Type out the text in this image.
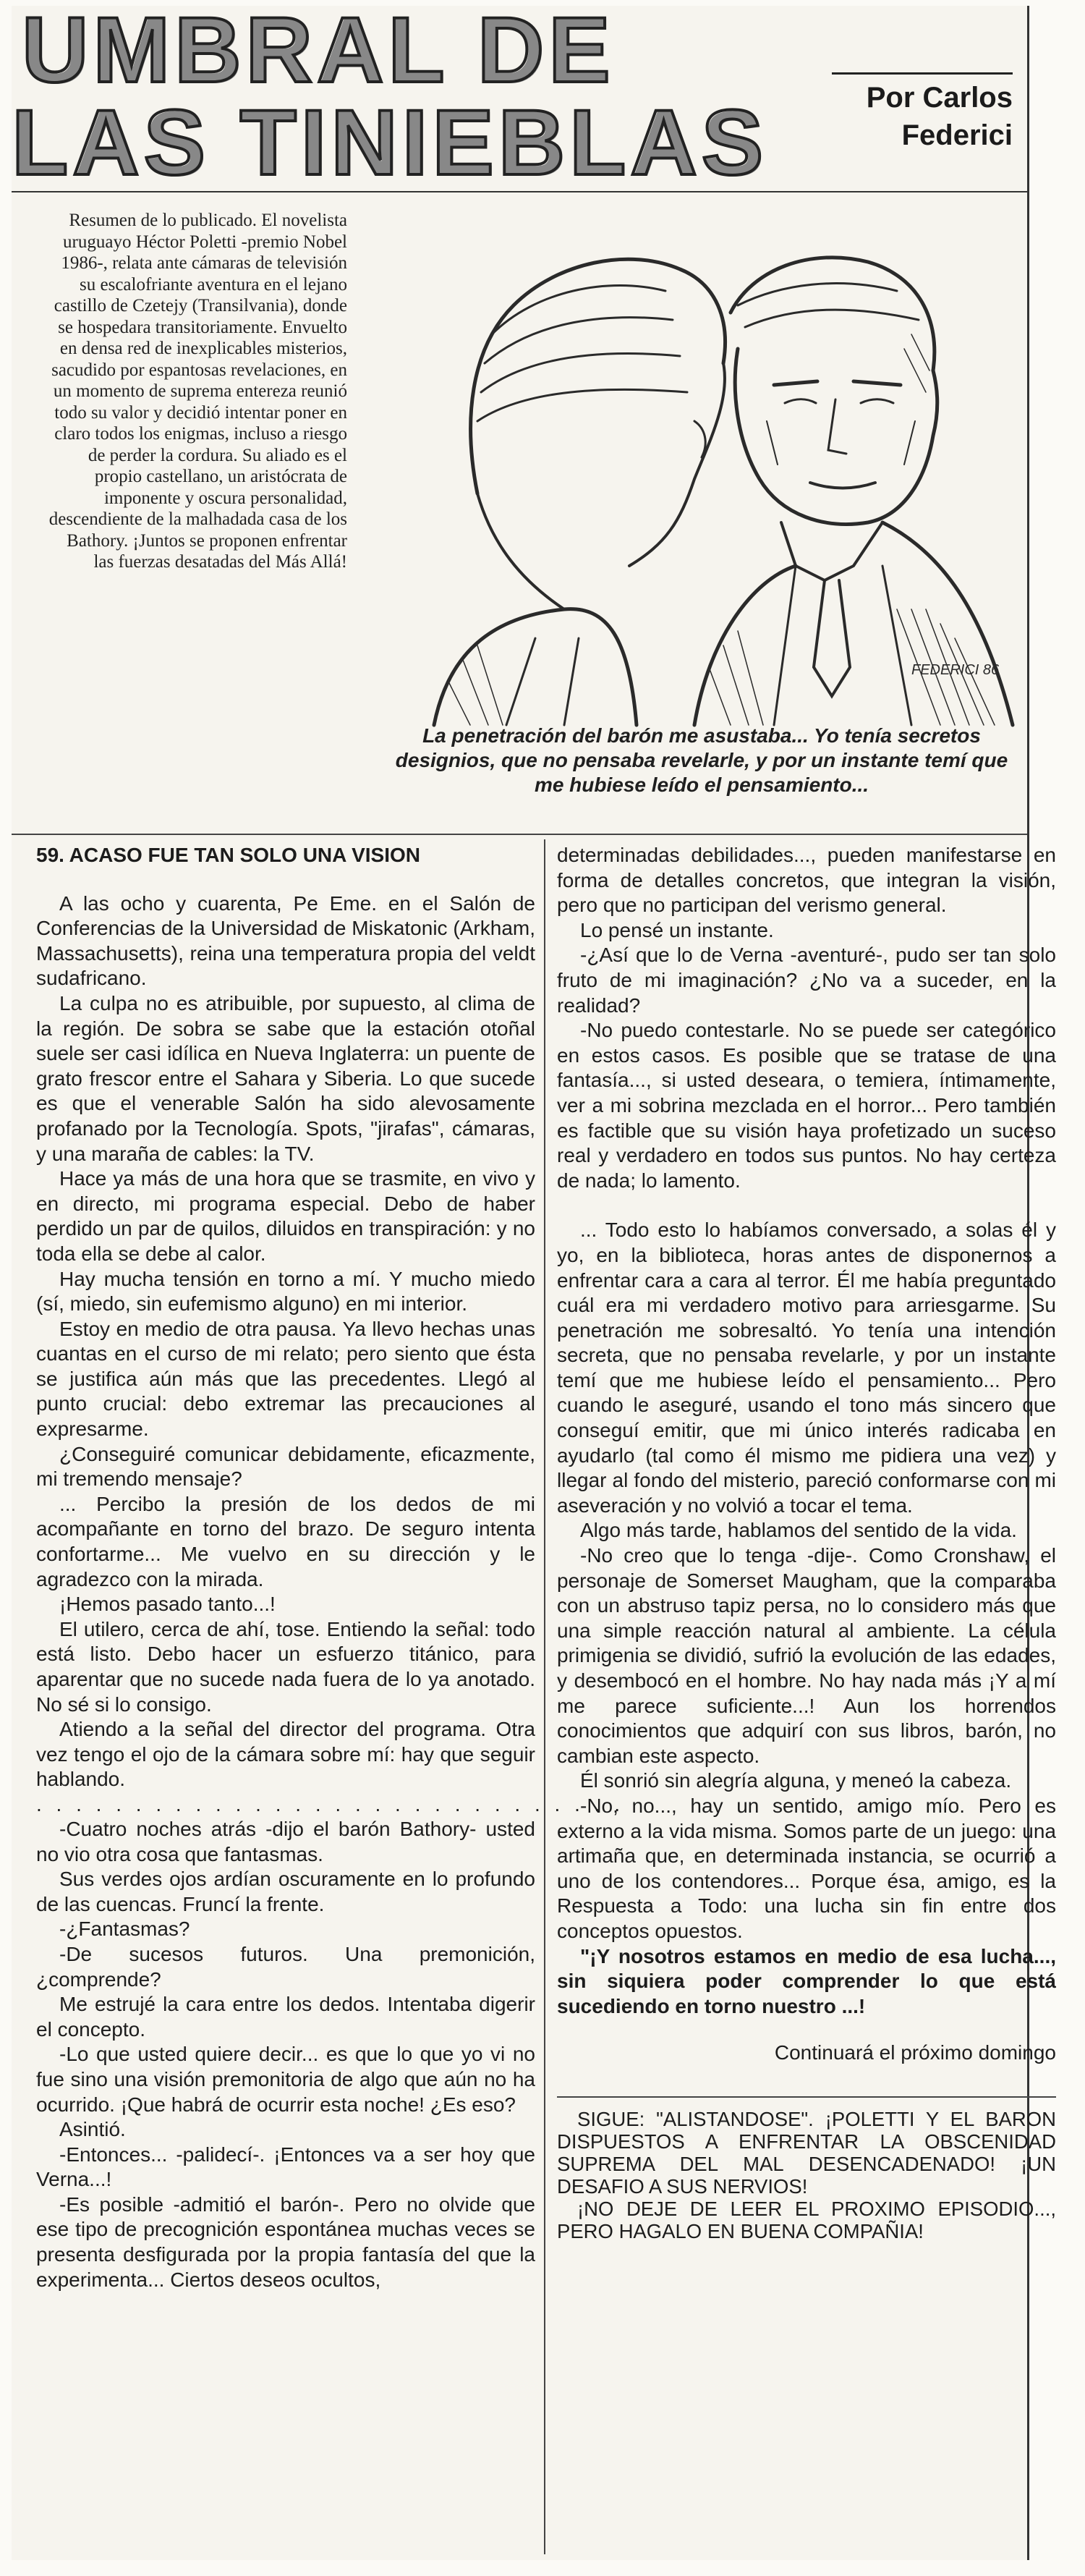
UMBRAL DE
LAS TINIEBLAS	Por Carlos
Federici
Resumen de lo publicado. El novelista uruguayo Héctor Poletti -premio Nobel 1986-, relata ante cámaras de televisión su escalofriante aventura en el lejano castillo de Czetejy (Transilvania), donde se hospedara transitoriamente. Envuelto en densa red de inexplicables misterios, sacudido por espantosas revelaciones, en un momento de suprema entereza reunió todo su valor y decidió intentar poner en claro todos los enigmas, incluso a riesgo de perder la cordura. Su aliado es el propio castellano, un aristócrata de imponente y oscura personalidad, descendiente de la malhadada casa de los Bathory. ¡Juntos se proponen enfrentar las fuerzas desatadas del Más Allá!
FEDERICI 86
La penetración del barón me asustaba... Yo tenía secretos designios, que no pensaba revelarle, y por un instante temí que me hubiese leído el pensamiento...

59. ACASO FUE TAN SOLO UNA VISION

A las ocho y cuarenta, Pe Eme. en el Salón de Conferencias de la Universidad de Miskatonic (Arkham, Massachusetts), reina una temperatura propia del veldt sudafricano.

La culpa no es atribuible, por supuesto, al clima de la región. De sobra se sabe que la estación otoñal suele ser casi idílica en Nueva Inglaterra: un puente de grato frescor entre el Sahara y Siberia. Lo que sucede es que el venerable Salón ha sido alevosamente profanado por la Tecnología. Spots, "jirafas", cámaras, y una maraña de cables: la TV.

Hace ya más de una hora que se trasmite, en vivo y en directo, mi programa especial. Debo de haber perdido un par de quilos, diluidos en transpiración: y no toda ella se debe al calor.

Hay mucha tensión en torno a mí. Y mucho miedo (sí, miedo, sin eufemismo alguno) en mi interior.

Estoy en medio de otra pausa. Ya llevo hechas unas cuantas en el curso de mi relato; pero siento que ésta se justifica aún más que las precedentes. Llegó al punto crucial: debo extremar las precauciones al expresarme.

¿Conseguiré comunicar debidamente, eficazmente, mi tremendo mensaje?

... Percibo la presión de los dedos de mi acompañante en torno del brazo. De seguro intenta confortarme... Me vuelvo en su dirección y le agradezco con la mirada.

¡Hemos pasado tanto...!

El utilero, cerca de ahí, tose. Entiendo la señal: todo está listo. Debo hacer un esfuerzo titánico, para aparentar que no sucede nada fuera de lo ya anotado. No sé si lo consigo.

Atiendo a la señal del director del programa. Otra vez tengo el ojo de la cámara sobre mí: hay que seguir hablando.

. . . . . . . . . . . . . . . . . . . . . . . . . . . . . .

-Cuatro noches atrás -dijo el barón Bathory- usted no vio otra cosa que fantasmas.

Sus verdes ojos ardían oscuramente en lo profundo de las cuencas. Fruncí la frente.

-¿Fantasmas?

-De sucesos futuros. Una premonición, ¿comprende?

Me estrujé la cara entre los dedos. Intentaba digerir el concepto.

-Lo que usted quiere decir... es que lo que yo vi no fue sino una visión premonitoria de algo que aún no ha ocurrido. ¡Que habrá de ocurrir esta noche! ¿Es eso?

Asintió.

-Entonces... -palidecí-. ¡Entonces va a ser hoy que Verna...!

-Es posible -admitió el barón-. Pero no olvide que ese tipo de precognición espontánea muchas veces se presenta desfigurada por la propia fantasía del que la experimenta... Ciertos deseos ocultos,

determinadas debilidades..., pueden manifestarse en forma de detalles concretos, que integran la visión, pero que no participan del verismo general.

Lo pensé un instante.

-¿Así que lo de Verna -aventuré-, pudo ser tan solo fruto de mi imaginación? ¿No va a suceder, en la realidad?

-No puedo contestarle. No se puede ser categórico en estos casos. Es posible que se tratase de una fantasía..., si usted deseara, o temiera, íntimamente, ver a mi sobrina mezclada en el horror... Pero también es factible que su visión haya profetizado un suceso real y verdadero en todos sus puntos. No hay certeza de nada; lo lamento.

... Todo esto lo habíamos conversado, a solas él y yo, en la biblioteca, horas antes de disponernos a enfrentar cara a cara al terror. Él me había preguntado cuál era mi verdadero motivo para arriesgarme. Su penetración me sobresaltó. Yo tenía una intención secreta, que no pensaba revelarle, y por un instante temí que me hubiese leído el pensamiento... Pero cuando le aseguré, usando el tono más sincero que conseguí emitir, que mi único interés radicaba en ayudarlo (tal como él mismo me pidiera una vez) y llegar al fondo del misterio, pareció conformarse con mi aseveración y no volvió a tocar el tema.

Algo más tarde, hablamos del sentido de la vida.

-No creo que lo tenga -dije-. Como Cronshaw, el personaje de Somerset Maugham, que la comparaba con un abstruso tapiz persa, no lo considero más que una simple reacción natural al ambiente. La célula primigenia se dividió, sufrió la evolución de las edades, y desembocó en el hombre. No hay nada más ¡Y a mí me parece suficiente...! Aun los horrendos conocimientos que adquirí con sus libros, barón, no cambian este aspecto.

Él sonrió sin alegría alguna, y meneó la cabeza.

-No, no..., hay un sentido, amigo mío. Pero es externo a la vida misma. Somos parte de un juego: una artimaña que, en determinada instancia, se ocurrió a uno de los contendores... Porque ésa, amigo, es la Respuesta a Todo: una lucha sin fin entre dos conceptos opuestos.

"¡Y nosotros estamos en medio de esa lucha..., sin siquiera poder comprender lo que está sucediendo en torno nuestro ...!

Continuará el próximo domingo

SIGUE: "ALISTANDOSE". ¡POLETTI Y EL BARON DISPUESTOS A ENFRENTAR LA OBSCENIDAD SUPREMA DEL MAL DESENCADENADO! ¡UN DESAFIO A SUS NERVIOS!

¡NO DEJE DE LEER EL PROXIMO EPISODIO..., PERO HAGALO EN BUENA COMPAÑIA!
